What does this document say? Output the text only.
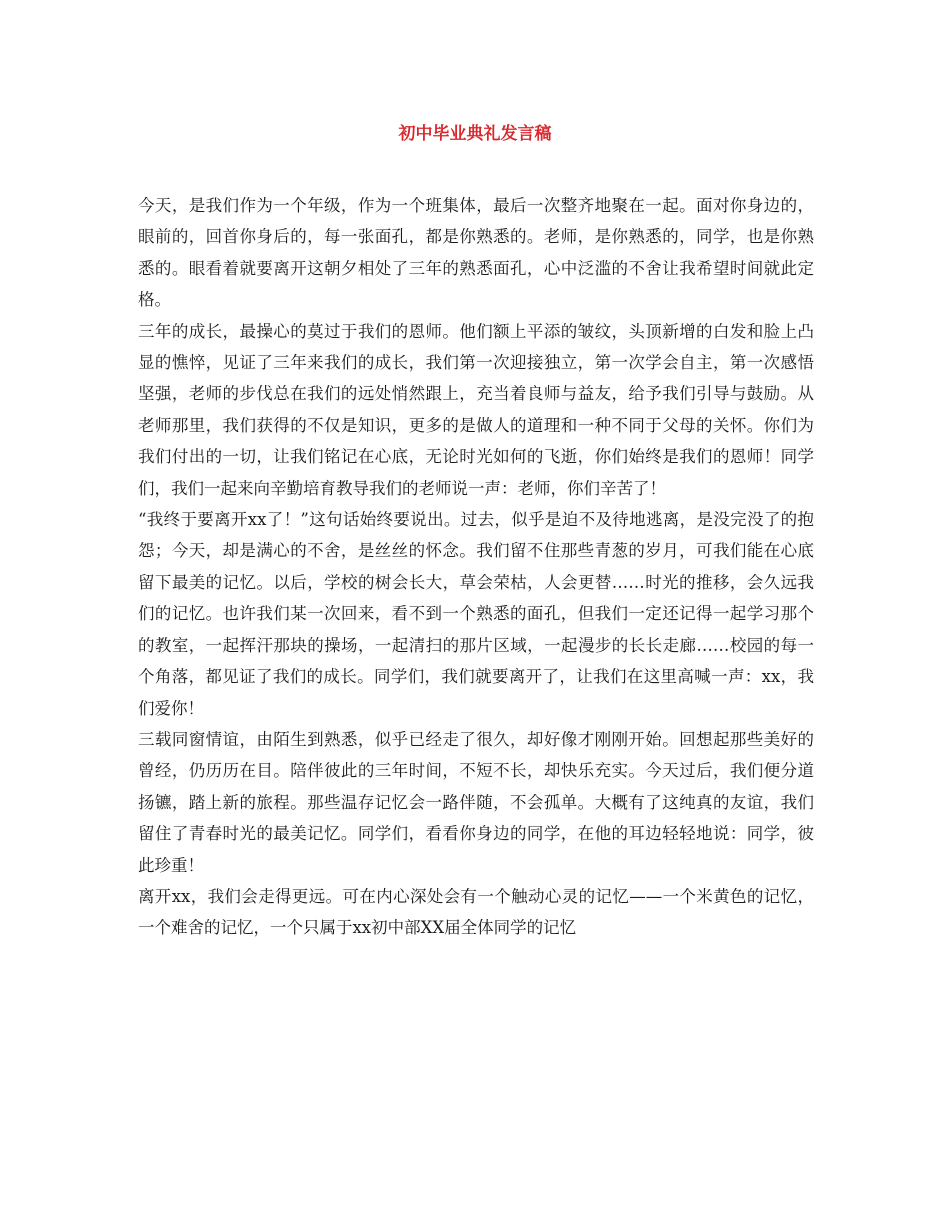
初中毕业典礼发言稿

今天，是我们作为一个年级，作为一个班集体，最后一次整齐地聚在一起。面对你身边的，眼前的，回首你身后的，每一张面孔，都是你熟悉的。老师，是你熟悉的，同学，也是你熟悉的。眼看着就要离开这朝夕相处了三年的熟悉面孔，心中泛滥的不舍让我希望时间就此定格。

三年的成长，最操心的莫过于我们的恩师。他们额上平添的皱纹，头顶新增的白发和脸上凸显的憔悴，见证了三年来我们的成长，我们第一次迎接独立，第一次学会自主，第一次感悟坚强，老师的步伐总在我们的远处悄然跟上，充当着良师与益友，给予我们引导与鼓励。从老师那里，我们获得的不仅是知识，更多的是做人的道理和一种不同于父母的关怀。你们为我们付出的一切，让我们铭记在心底，无论时光如何的飞逝，你们始终是我们的恩师！同学们，我们一起来向辛勤培育教导我们的老师说一声：老师，你们辛苦了！

“我终于要离开xx了！”这句话始终要说出。过去，似乎是迫不及待地逃离，是没完没了的抱怨；今天，却是满心的不舍，是丝丝的怀念。我们留不住那些青葱的岁月，可我们能在心底留下最美的记忆。以后，学校的树会长大，草会荣枯，人会更替……时光的推移，会久远我们的记忆。也许我们某一次回来，看不到一个熟悉的面孔，但我们一定还记得一起学习那个的教室，一起挥汗那块的操场，一起清扫的那片区域，一起漫步的长长走廊……校园的每一个角落，都见证了我们的成长。同学们，我们就要离开了，让我们在这里高喊一声：xx，我们爱你！

三载同窗情谊，由陌生到熟悉，似乎已经走了很久，却好像才刚刚开始。回想起那些美好的曾经，仍历历在目。陪伴彼此的三年时间，不短不长，却快乐充实。今天过后，我们便分道扬镳，踏上新的旅程。那些温存记忆会一路伴随，不会孤单。大概有了这纯真的友谊，我们留住了青春时光的最美记忆。同学们，看看你身边的同学，在他的耳边轻轻地说：同学，彼此珍重！

离开xx，我们会走得更远。可在内心深处会有一个触动心灵的记忆——一个米黄色的记忆，一个难舍的记忆，一个只属于xx初中部XX届全体同学的记忆
